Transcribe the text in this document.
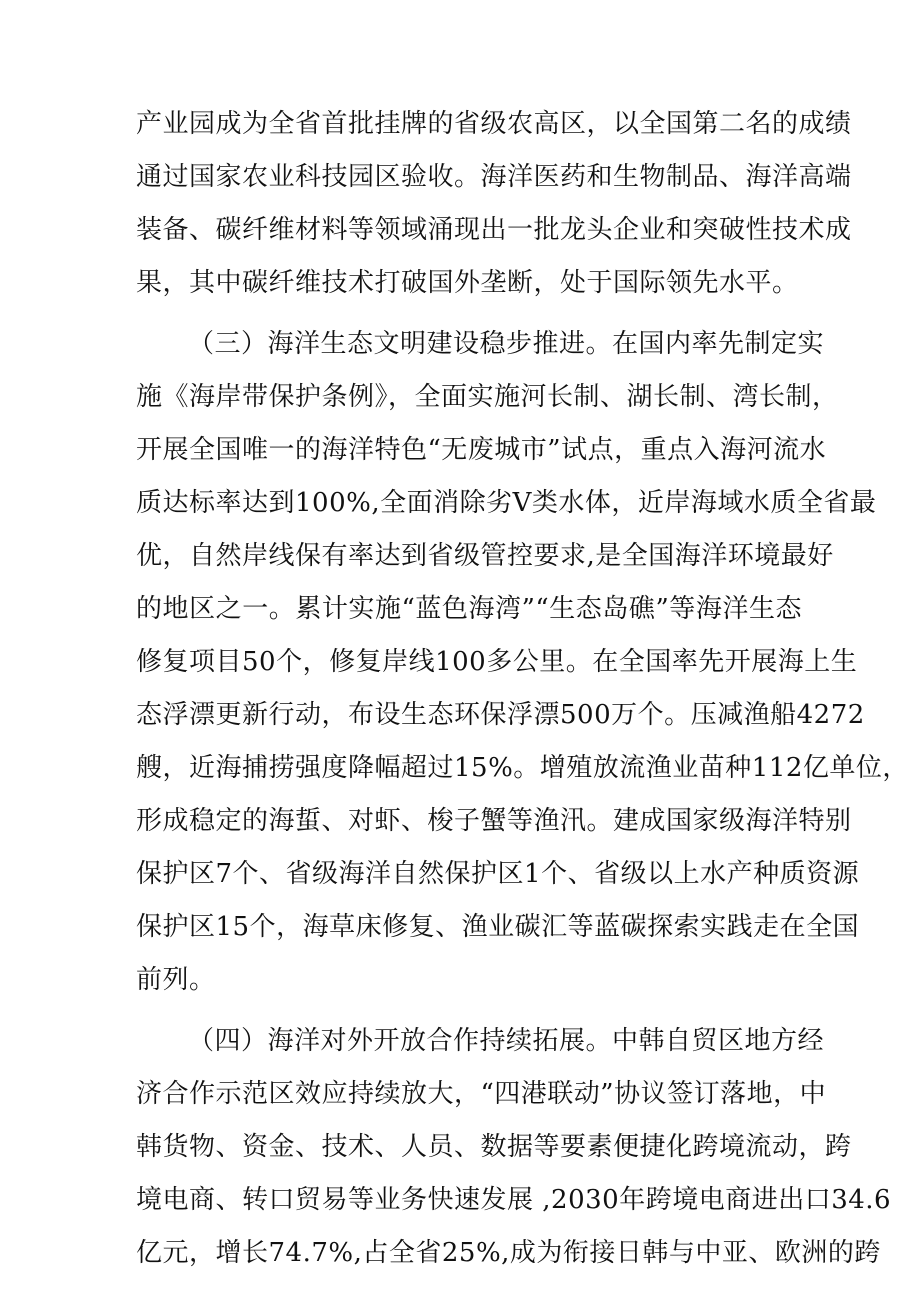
产业园成为全省首批挂牌的省级农高区，以全国第二名的成绩
通过国家农业科技园区验收。海洋医药和生物制品、海洋高端
装备、碳纤维材料等领域涌现出一批龙头企业和突破性技术成
果，其中碳纤维技术打破国外垄断，处于国际领先水平。
（三）海洋生态文明建设稳步推进。在国内率先制定实
施《海岸带保护条例》，全面实施河长制、湖长制、湾长制，
开展全国唯一的海洋特色“无废城市”试点，重点入海河流水
质达标率达到100%,全面消除劣V类水体，近岸海域水质全省最
优，自然岸线保有率达到省级管控要求,是全国海洋环境最好
的地区之一。累计实施“蓝色海湾”“生态岛礁”等海洋生态
修复项目50个，修复岸线100多公里。在全国率先开展海上生
态浮漂更新行动，布设生态环保浮漂500万个。压减渔船4272
艘，近海捕捞强度降幅超过15%。增殖放流渔业苗种112亿单位，
形成稳定的海蜇、对虾、梭子蟹等渔汛。建成国家级海洋特别
保护区7个、省级海洋自然保护区1个、省级以上水产种质资源
保护区15个，海草床修复、渔业碳汇等蓝碳探索实践走在全国
前列。
（四）海洋对外开放合作持续拓展。中韩自贸区地方经
济合作示范区效应持续放大，“四港联动”协议签订落地，中
韩货物、资金、技术、人员、数据等要素便捷化跨境流动，跨
境电商、转口贸易等业务快速发展 ,2030年跨境电商进出口34.6
亿元，增长74.7%,占全省25%,成为衔接日韩与中亚、欧洲的跨
